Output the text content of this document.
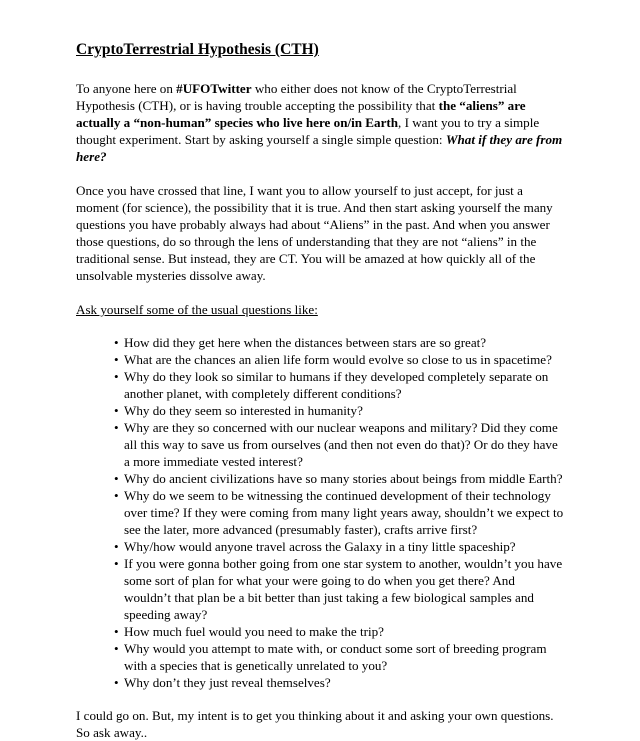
CryptoTerrestrial Hypothesis (CTH)

To anyone here on #UFOTwitter who either does not know of the CryptoTerrestrial Hypothesis (CTH), or is having trouble accepting the possibility that the “aliens” are actually a “non-human” species who live here on/in Earth, I want you to try a simple thought experiment. Start by asking yourself a single simple question: What if they are from here?

Once you have crossed that line, I want you to allow yourself to just accept, for just a moment (for science), the possibility that it is true. And then start asking yourself the many questions you have probably always had about “Aliens” in the past. And when you answer those questions, do so through the lens of understanding that they are not “aliens” in the traditional sense. But instead, they are CT. You will be amazed at how quickly all of the unsolvable mysteries dissolve away.

Ask yourself some of the usual questions like:

• How did they get here when the distances between stars are so great?
• What are the chances an alien life form would evolve so close to us in spacetime?
• Why do they look so similar to humans if they developed completely separate on another planet, with completely different conditions?
• Why do they seem so interested in humanity?
• Why are they so concerned with our nuclear weapons and military? Did they come all this way to save us from ourselves (and then not even do that)? Or do they have a more immediate vested interest?
• Why do ancient civilizations have so many stories about beings from middle Earth?
• Why do we seem to be witnessing the continued development of their technology over time? If they were coming from many light years away, shouldn’t we expect to see the later, more advanced (presumably faster), crafts arrive first?
• Why/how would anyone travel across the Galaxy in a tiny little spaceship?
• If you were gonna bother going from one star system to another, wouldn’t you have some sort of plan for what your were going to do when you get there? And wouldn’t that plan be a bit better than just taking a few biological samples and speeding away?
• How much fuel would you need to make the trip?
• Why would you attempt to mate with, or conduct some sort of breeding program with a species that is genetically unrelated to you?
• Why don’t they just reveal themselves?

I could go on. But, my intent is to get you thinking about it and asking your own questions. So ask away..
